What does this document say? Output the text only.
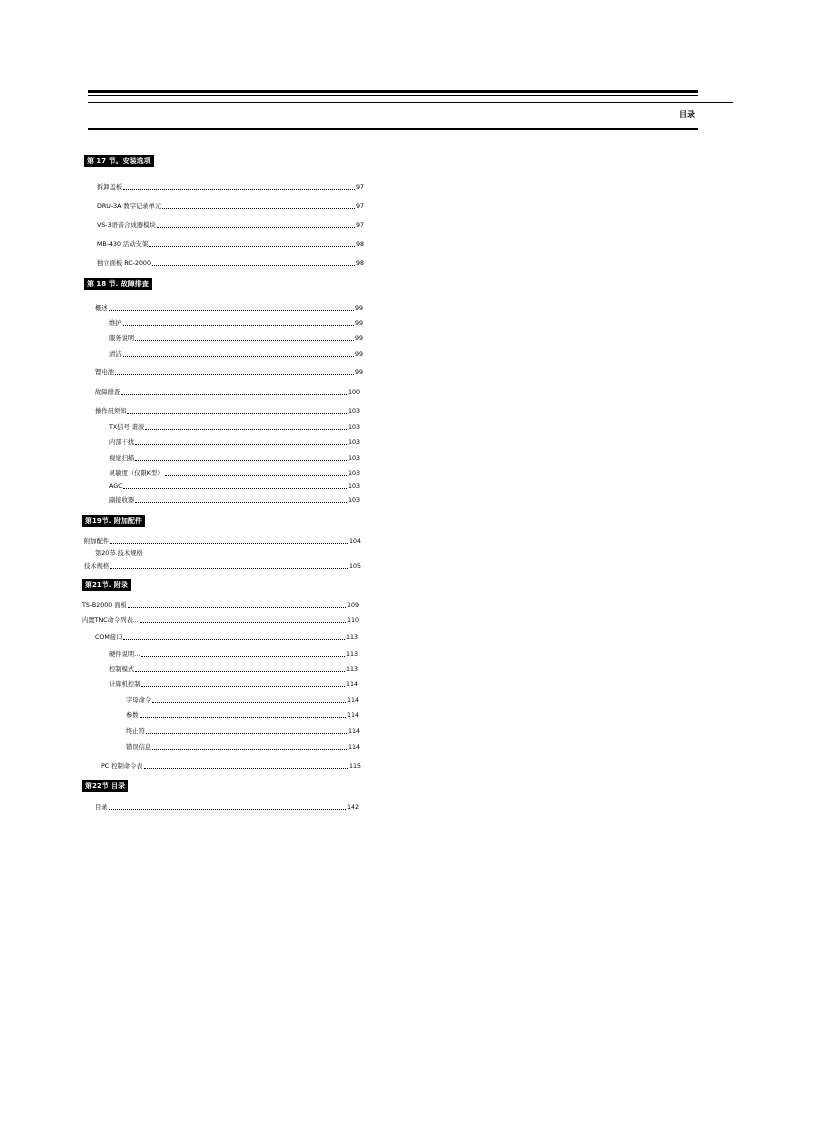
目录
第 17 节。安装选项
拆卸盖板	97
DRU-3A 数字记录单元	97
VS-3语音合成器模块	97
MB-430 活动支架	98
独立面板 RC-2000	98
第 18 节. 故障排查
概述	99
维护	99
服务说明	99
清洁	99
锂电池	99
故障排查	100
操作员须知	103
TX信号 谐波	103
内部干扰	103
视觉扫描	103
灵敏度（仅限K型）	103
AGC	103
副接收器	103
第19节. 附加配件
附加配件	104
第20节.技术规格
技术规格	105
第21节. 附录
TS-B2000 面板	109
内置TNC命令列表...	110
COM接口	113
硬件说明...	113
控制模式	113
计算机控制	114
字母命令	114
参数	114
终止符	114
错误信息	114
PC 控制命令表	115
第22节 目录
目录	142
